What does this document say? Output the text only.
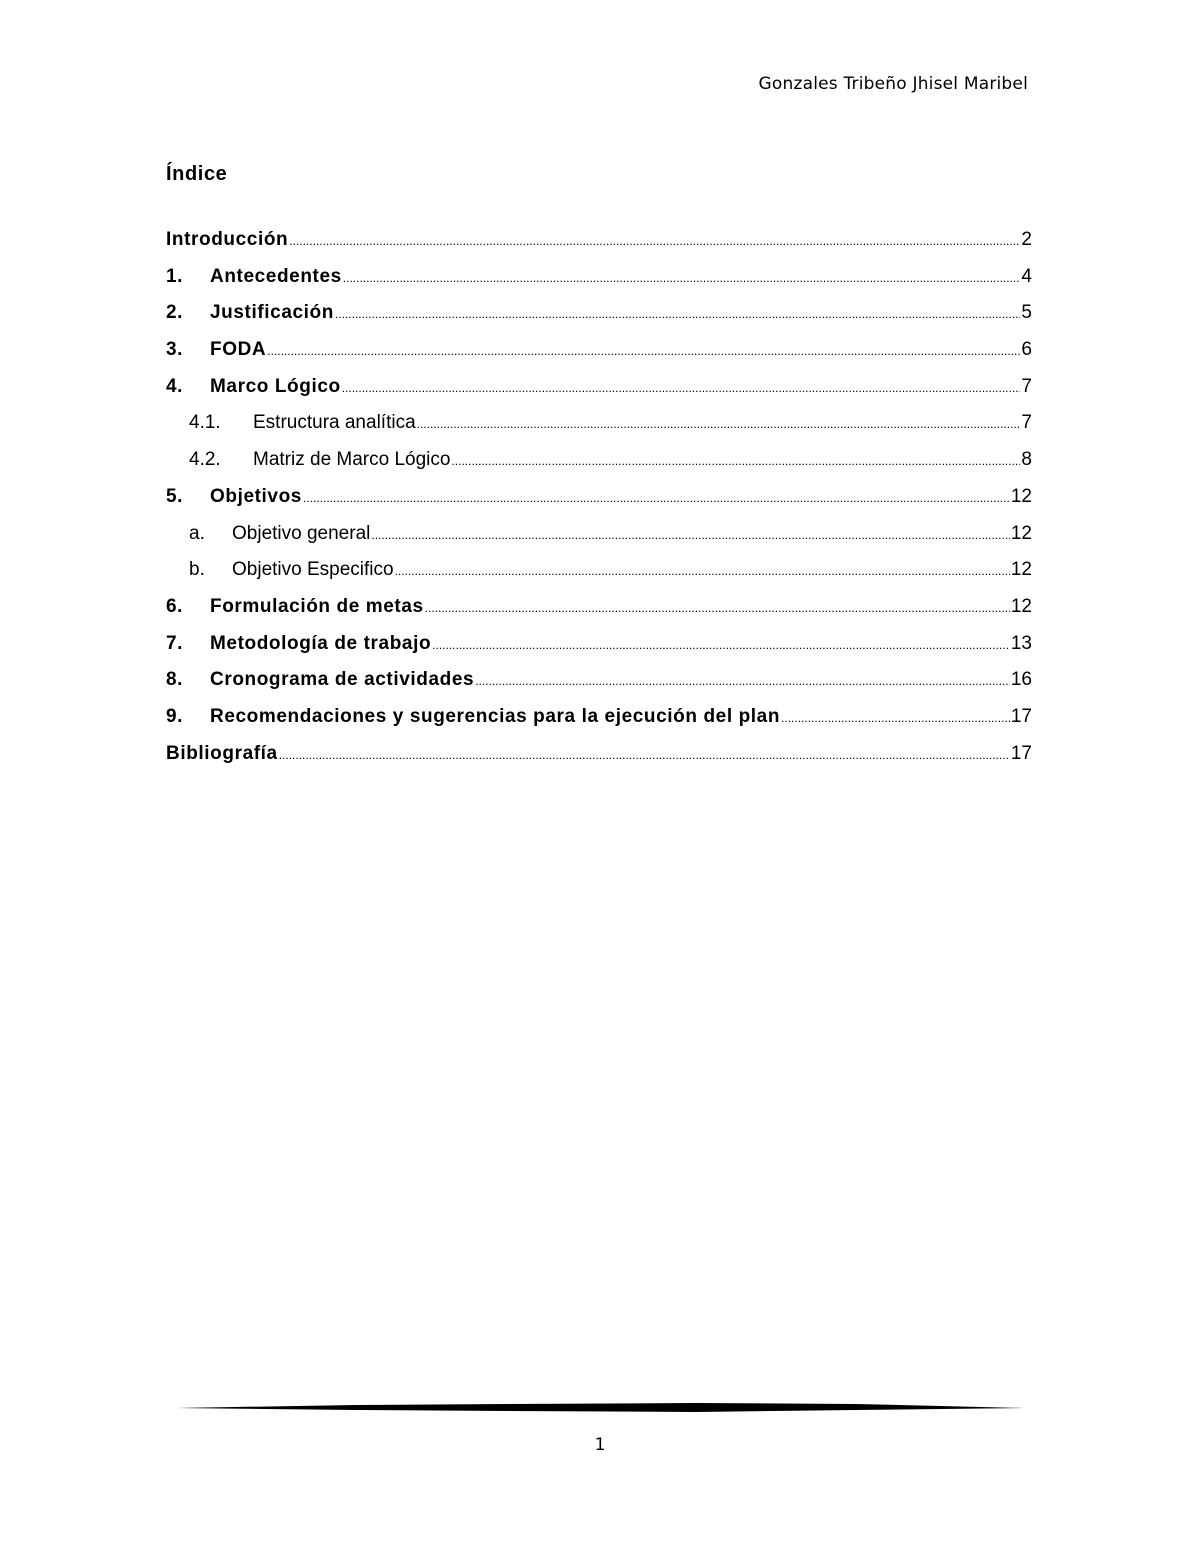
Gonzales Tribeño Jhisel Maribel
Índice
Introducción .....	2
1.	Antecedentes .....	4
2.	Justificación .....	5
3.	FODA .....	6
4.	Marco Lógico .....	7
4.1.	Estructura analítica .....	7
4.2.	Matriz de Marco Lógico .....	8
5.	Objetivos .....	12
a.	Objetivo general .....	12
b.	Objetivo Especifico .....	12
6.	Formulación de metas .....	12
7.	Metodología de trabajo .....	13
8.	Cronograma de actividades .....	16
9.	Recomendaciones y sugerencias para la ejecución del plan .....	17
Bibliografía .....	17
1
